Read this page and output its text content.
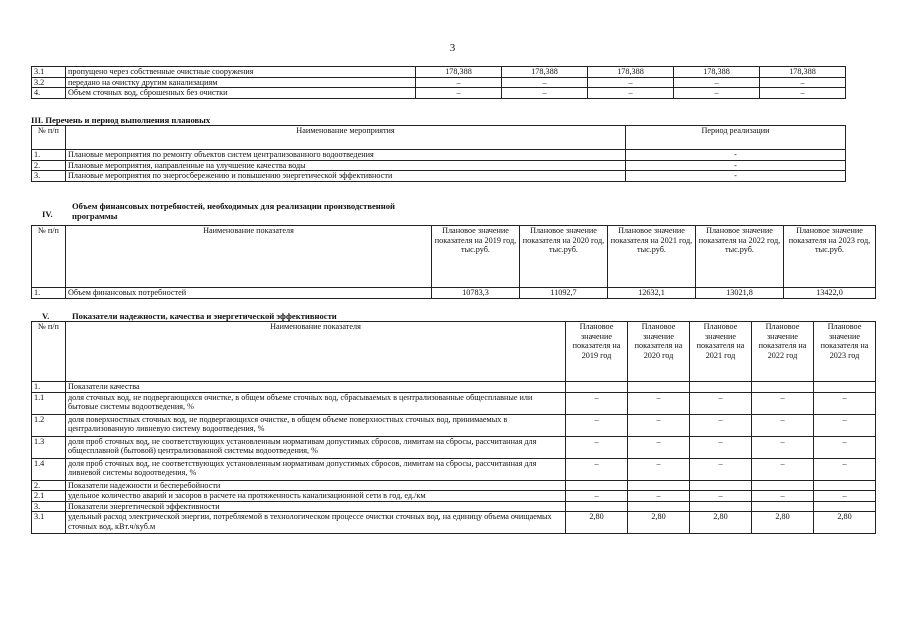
3
3.1	пропущено через собственные очистные сооружения	178,388	178,388	178,388	178,388	178,388
3.2	передано на очистку другим канализациям	–	–	–	–	–
4.	Объем сточных вод, сброшенных без очистки	–	–	–	–	–
III. Перечень и период выполнения плановых
№ п/п	Наименование мероприятия	Период реализации
1.	Плановые мероприятия по ремонту объектов систем централизованного водоотведения	-
2.	Плановые мероприятия, направленные на улучшение качества воды	-
3.	Плановые мероприятия по энергосбережению и повышению энергетической эффективности	-
IV.
Объем финансовых потребностей, необходимых для реализации производственной
программы
№ п/п	Наименование показателя	Плановое значение показателя на 2019 год, тыс.руб.	Плановое значение показателя на 2020 год, тыс.руб.	Плановое значение показателя на 2021 год, тыс.руб.	Плановое значение показателя на 2022 год, тыс.руб.	Плановое значение показателя на 2023 год, тыс.руб.
1.	Объем финансовых потребностей	10783,3	11092,7	12632,1	13021,8	13422,0
V.	Показатели надежности, качества и энергетической эффективности
№ п/п	Наименование показателя	Плановое значение показателя на 2019 год	Плановое значение показателя на 2020 год	Плановое значение показателя на 2021 год	Плановое значение показателя на 2022 год	Плановое значение показателя на 2023 год
1.	Показатели качества					
1.1	доля сточных вод, не подвергающихся очистке, в общем объеме сточных вод, сбрасываемых в централизованные общесплавные или бытовые системы водоотведения, %	–	–	–	–	–
1.2	доля поверхностных сточных вод, не подвергающихся очистке, в общем объеме поверхностных сточных вод, принимаемых в централизованную ливневую систему водоотведения, %	–	–	–	–	–
1.3	доля проб сточных вод, не соответствующих установленным нормативам допустимых сбросов, лимитам на сбросы, рассчитанная для общесплавной (бытовой) централизованной системы водоотведения, %	–	–	–	–	–
1.4	доля проб сточных вод, не соответствующих установленным нормативам допустимых сбросов, лимитам на сбросы, рассчитанная для ливневой системы водоотведения, %	–	–	–	–	–
2.	Показатели надежности и бесперебойности					
2.1	удельное количество аварий и засоров в расчете на протяженность канализационной сети в год, ед./км	–	–	–	–	–
3.	Показатели энергетической эффективности					
3.1	удельный расход электрической энергии, потребляемой в технологическом процессе очистки сточных вод, на единицу объема очищаемых сточных вод, кВт.ч/куб.м	2,80	2,80	2,80	2,80	2,80
